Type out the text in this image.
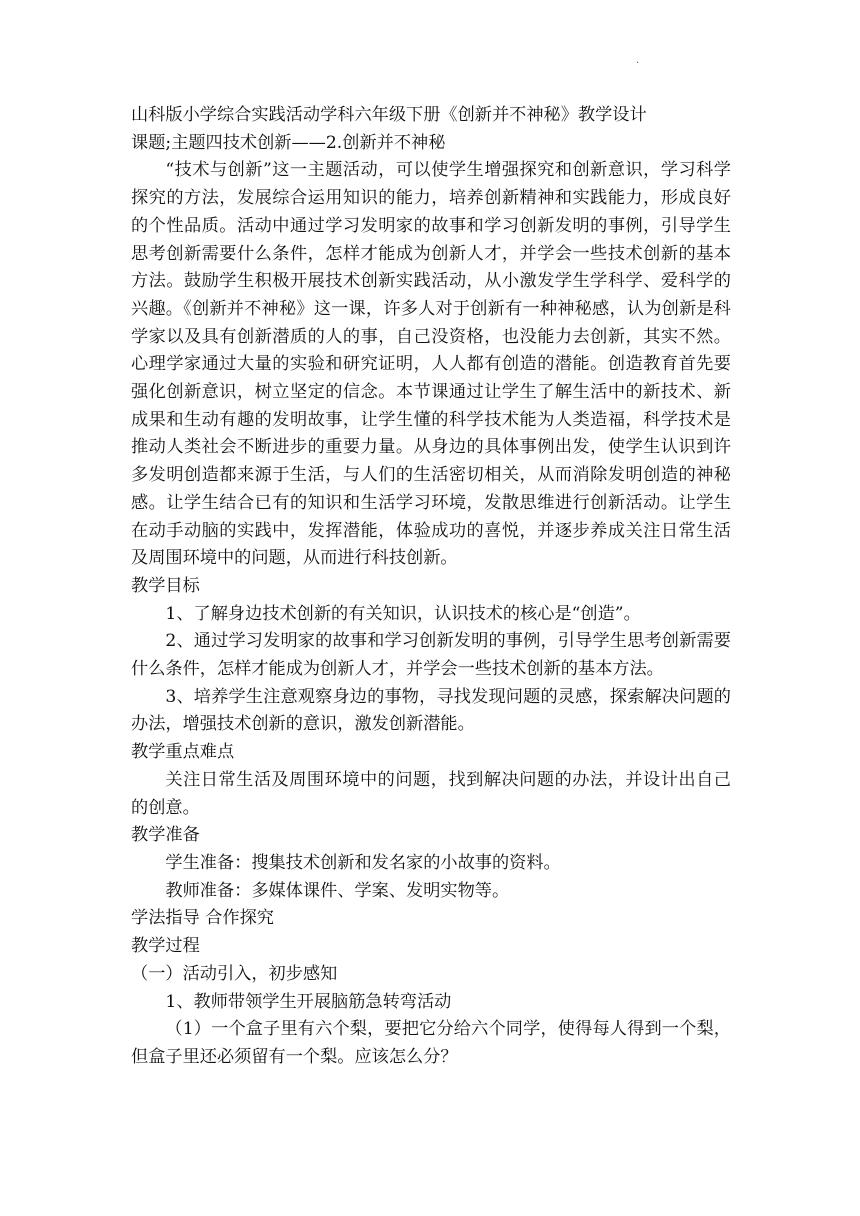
·

山科版小学综合实践活动学科六年级下册《创新并不神秘》教学设计

课题;主题四技术创新——2.创新并不神秘

“技术与创新”这一主题活动，可以使学生增强探究和创新意识，学习科学探究的方法，发展综合运用知识的能力，培养创新精神和实践能力，形成良好的个性品质。活动中通过学习发明家的故事和学习创新发明的事例，引导学生思考创新需要什么条件，怎样才能成为创新人才，并学会一些技术创新的基本方法。鼓励学生积极开展技术创新实践活动，从小激发学生学科学、爱科学的兴趣。《创新并不神秘》这一课，许多人对于创新有一种神秘感，认为创新是科学家以及具有创新潜质的人的事，自己没资格，也没能力去创新，其实不然。心理学家通过大量的实验和研究证明，人人都有创造的潜能。创造教育首先要强化创新意识，树立坚定的信念。本节课通过让学生了解生活中的新技术、新成果和生动有趣的发明故事，让学生懂的科学技术能为人类造福，科学技术是推动人类社会不断进步的重要力量。从身边的具体事例出发，使学生认识到许多发明创造都来源于生活，与人们的生活密切相关，从而消除发明创造的神秘感。让学生结合已有的知识和生活学习环境，发散思维进行创新活动。让学生在动手动脑的实践中，发挥潜能，体验成功的喜悦，并逐步养成关注日常生活及周围环境中的问题，从而进行科技创新。

教学目标

1、了解身边技术创新的有关知识，认识技术的核心是“创造”。

2、通过学习发明家的故事和学习创新发明的事例，引导学生思考创新需要什么条件，怎样才能成为创新人才，并学会一些技术创新的基本方法。

3、培养学生注意观察身边的事物，寻找发现问题的灵感，探索解决问题的办法，增强技术创新的意识，激发创新潜能。

教学重点难点

关注日常生活及周围环境中的问题，找到解决问题的办法，并设计出自己的创意。

教学准备

学生准备：搜集技术创新和发名家的小故事的资料。

教师准备：多媒体课件、学案、发明实物等。

学法指导 合作探究

教学过程

（一）活动引入，初步感知

1、教师带领学生开展脑筋急转弯活动

（1）一个盒子里有六个梨，要把它分给六个同学，使得每人得到一个梨，但盒子里还必须留有一个梨。应该怎么分？
